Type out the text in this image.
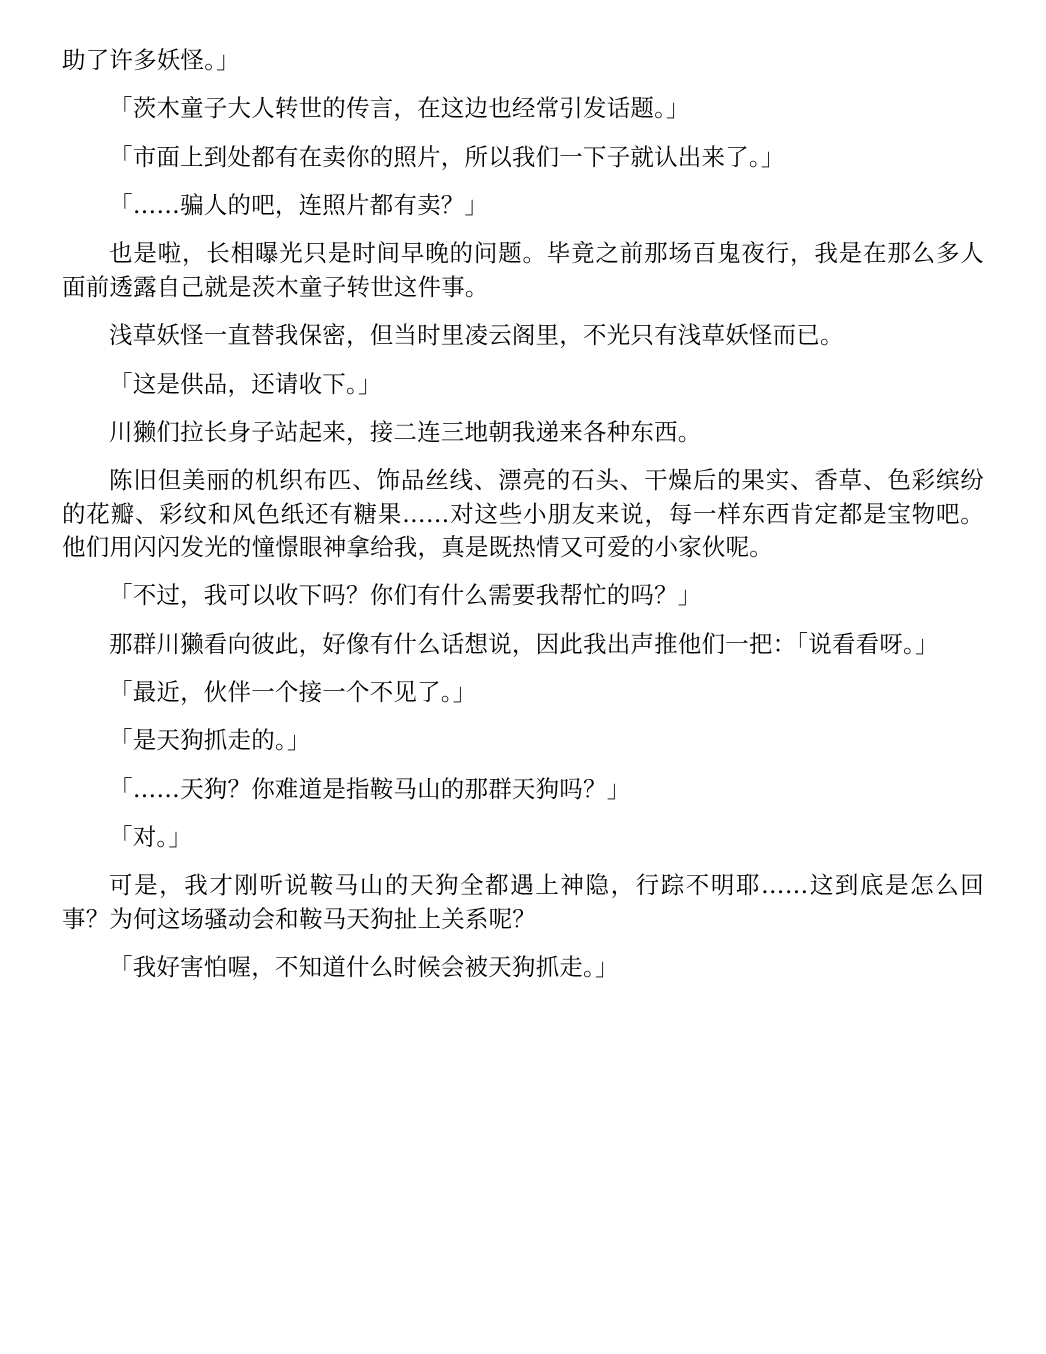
助了许多妖怪。」

「茨木童子大人转世的传言，在这边也经常引发话题。」

「市面上到处都有在卖你的照片，所以我们一下子就认出来了。」

「……骗人的吧，连照片都有卖？」

也是啦，长相曝光只是时间早晚的问题。毕竟之前那场百鬼夜行，我是在那么多人面前透露自己就是茨木童子转世这件事。

浅草妖怪一直替我保密，但当时里凌云阁里，不光只有浅草妖怪而已。

「这是供品，还请收下。」

川獭们拉长身子站起来，接二连三地朝我递来各种东西。

陈旧但美丽的机织布匹、饰品丝线、漂亮的石头、干燥后的果实、香草、色彩缤纷的花瓣、彩纹和风色纸还有糖果……对这些小朋友来说，每一样东西肯定都是宝物吧。他们用闪闪发光的憧憬眼神拿给我，真是既热情又可爱的小家伙呢。

「不过，我可以收下吗？你们有什么需要我帮忙的吗？」

那群川獭看向彼此，好像有什么话想说，因此我出声推他们一把：「说看看呀。」

「最近，伙伴一个接一个不见了。」

「是天狗抓走的。」

「……天狗？你难道是指鞍马山的那群天狗吗？」

「对。」

可是，我才刚听说鞍马山的天狗全都遇上神隐，行踪不明耶……这到底是怎么回事？为何这场骚动会和鞍马天狗扯上关系呢？

「我好害怕喔，不知道什么时候会被天狗抓走。」
